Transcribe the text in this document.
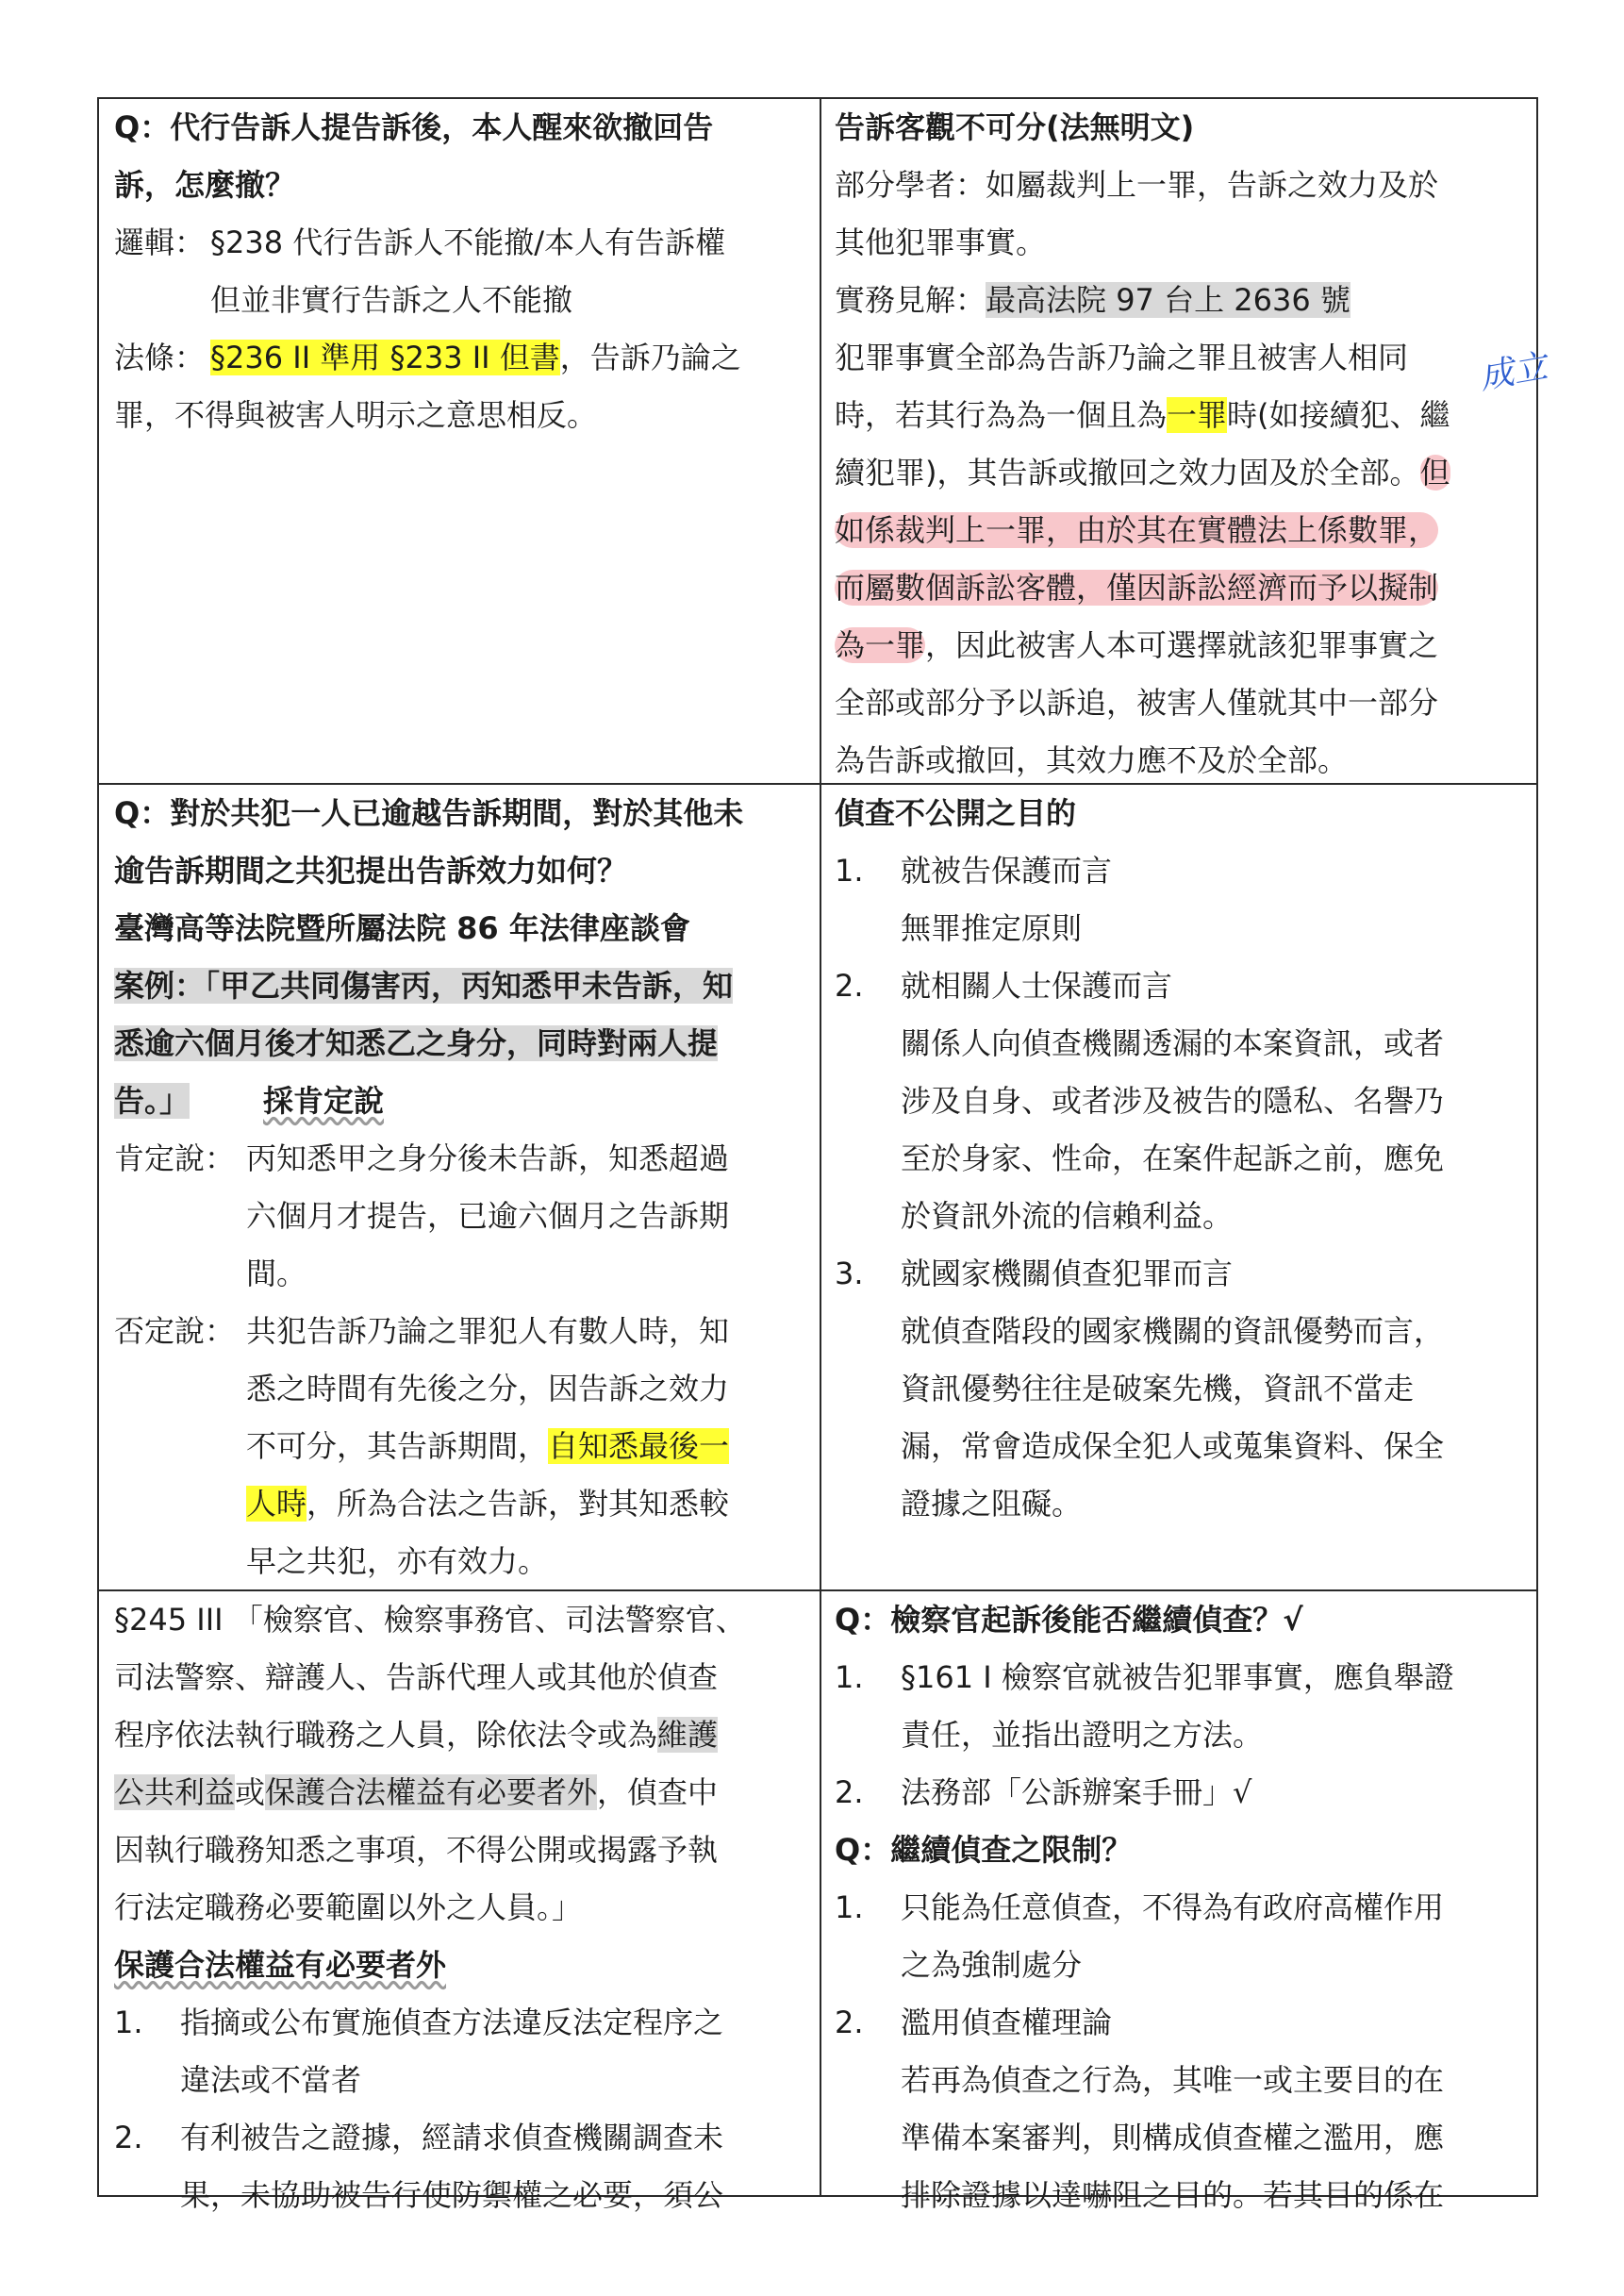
Q：代行告訴人提告訴後，本人醒來欲撤回告
訴，怎麼撤？
邏輯： §238 代行告訴人不能撤/本人有告訴權
但並非實行告訴之人不能撤
法條： §236 II 準用 §233 II 但書，告訴乃論之
罪，不得與被害人明示之意思相反。
告訴客觀不可分(法無明文)
部分學者：如屬裁判上一罪，告訴之效力及於
其他犯罪事實。
實務見解：最高法院 97 台上 2636 號
犯罪事實全部為告訴乃論之罪且被害人相同
時，若其行為為一個且為一罪時(如接續犯、繼
續犯罪)，其告訴或撤回之效力固及於全部。但
如係裁判上一罪，由於其在實體法上係數罪，
而屬數個訴訟客體，僅因訴訟經濟而予以擬制
為一罪，因此被害人本可選擇就該犯罪事實之
全部或部分予以訴追，被害人僅就其中一部分
為告訴或撤回，其效力應不及於全部。
成立
Q：對於共犯一人已逾越告訴期間，對於其他未
逾告訴期間之共犯提出告訴效力如何？
臺灣高等法院暨所屬法院 86 年法律座談會
案例：「甲乙共同傷害丙，丙知悉甲未告訴，知
悉逾六個月後才知悉乙之身分，同時對兩人提
告。」 採肯定說
肯定說： 丙知悉甲之身分後未告訴，知悉超過
六個月才提告，已逾六個月之告訴期
間。
否定說： 共犯告訴乃論之罪犯人有數人時，知
悉之時間有先後之分，因告訴之效力
不可分，其告訴期間，自知悉最後一
人時，所為合法之告訴，對其知悉較
早之共犯，亦有效力。
偵查不公開之目的
1. 就被告保護而言
無罪推定原則
2. 就相關人士保護而言
關係人向偵查機關透漏的本案資訊，或者
涉及自身、或者涉及被告的隱私、名譽乃
至於身家、性命，在案件起訴之前，應免
於資訊外流的信賴利益。
3. 就國家機關偵查犯罪而言
就偵查階段的國家機關的資訊優勢而言，
資訊優勢往往是破案先機，資訊不當走
漏，常會造成保全犯人或蒐集資料、保全
證據之阻礙。
§245 III 「檢察官、檢察事務官、司法警察官、
司法警察、辯護人、告訴代理人或其他於偵查
程序依法執行職務之人員，除依法令或為維護
公共利益或保護合法權益有必要者外，偵查中
因執行職務知悉之事項，不得公開或揭露予執
行法定職務必要範圍以外之人員。」
保護合法權益有必要者外
1. 指摘或公布實施偵查方法違反法定程序之
違法或不當者
2. 有利被告之證據，經請求偵查機關調查未
果，未協助被告行使防禦權之必要，須公
Q：檢察官起訴後能否繼續偵查？√
1. §161 I 檢察官就被告犯罪事實，應負舉證
責任，並指出證明之方法。
2. 法務部「公訴辦案手冊」√
Q：繼續偵查之限制？
1. 只能為任意偵查，不得為有政府高權作用
之為強制處分
2. 濫用偵查權理論
若再為偵查之行為，其唯一或主要目的在
準備本案審判，則構成偵查權之濫用，應
排除證據以達嚇阻之目的。若其目的係在
